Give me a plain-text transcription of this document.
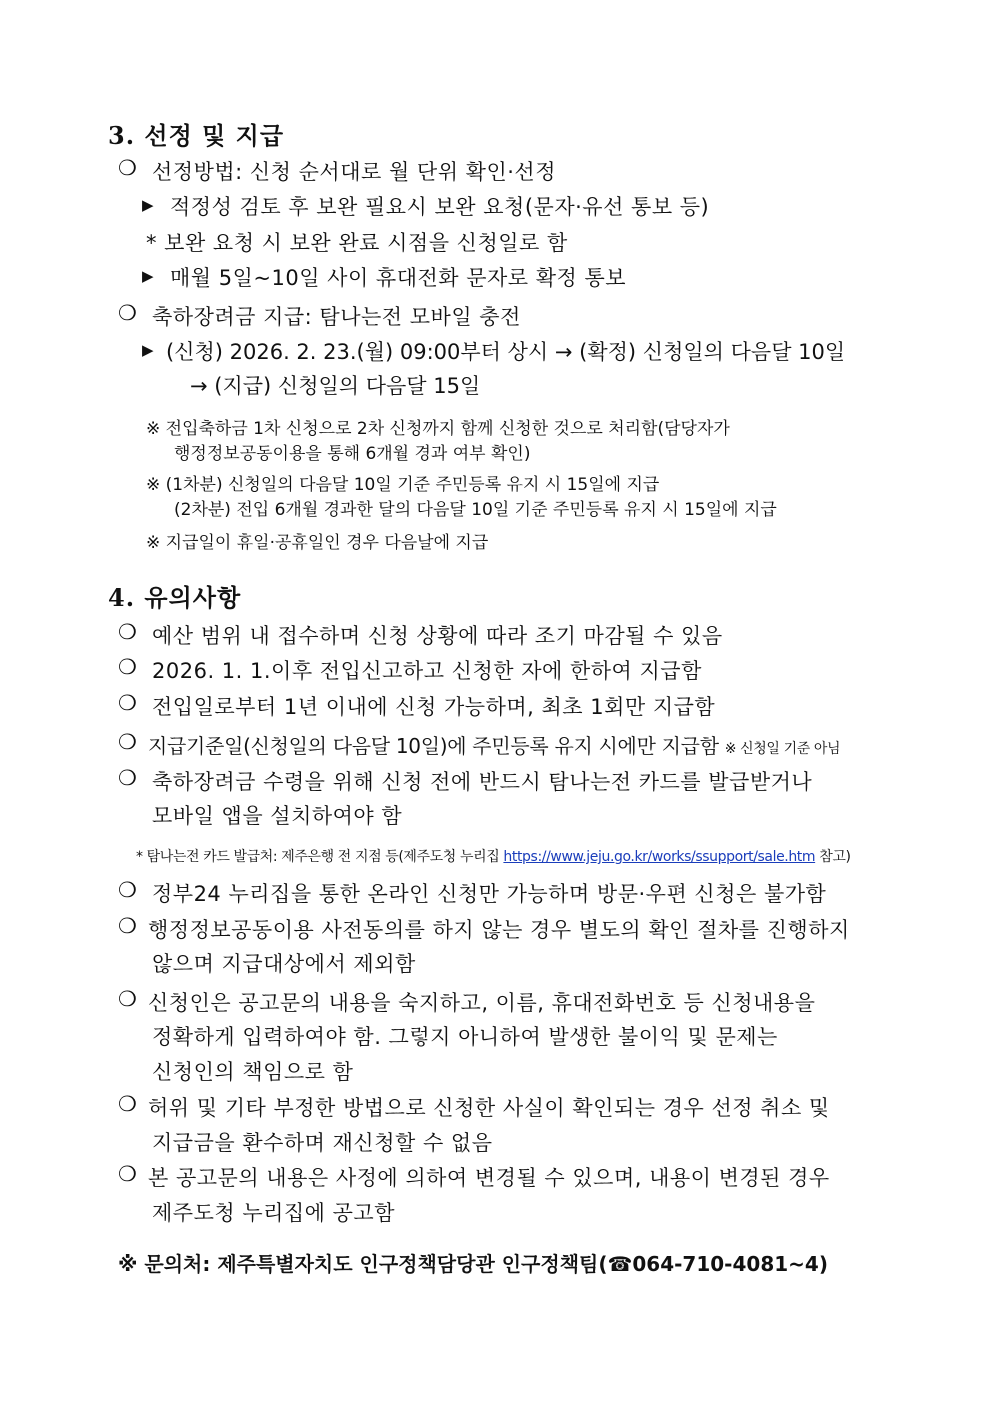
3. 선정 및 지급
❍ 선정방법: 신청 순서대로 월 단위 확인·선정
▶ 적정성 검토 후 보완 필요시 보완 요청(문자·유선 통보 등)
* 보완 요청 시 보완 완료 시점을 신청일로 함
▶ 매월 5일~10일 사이 휴대전화 문자로 확정 통보
❍ 축하장려금 지급: 탐나는전 모바일 충전
▶ (신청) 2026. 2. 23.(월) 09:00부터 상시 → (확정) 신청일의 다음달 10일
→ (지급) 신청일의 다음달 15일
※ 전입축하금 1차 신청으로 2차 신청까지 함께 신청한 것으로 처리함(담당자가
행정정보공동이용을 통해 6개월 경과 여부 확인)
※ (1차분) 신청일의 다음달 10일 기준 주민등록 유지 시 15일에 지급
(2차분) 전입 6개월 경과한 달의 다음달 10일 기준 주민등록 유지 시 15일에 지급
※ 지급일이 휴일·공휴일인 경우 다음날에 지급
4. 유의사항
❍ 예산 범위 내 접수하며 신청 상황에 따라 조기 마감될 수 있음
❍ 2026. 1. 1.이후 전입신고하고 신청한 자에 한하여 지급함
❍ 전입일로부터 1년 이내에 신청 가능하며, 최초 1회만 지급함
❍ 지급기준일(신청일의 다음달 10일)에 주민등록 유지 시에만 지급함 ※ 신청일 기준 아님
❍ 축하장려금 수령을 위해 신청 전에 반드시 탐나는전 카드를 발급받거나
모바일 앱을 설치하여야 함
* 탐나는전 카드 발급처: 제주은행 전 지점 등(제주도청 누리집 https://www.jeju.go.kr/works/ssupport/sale.htm 참고)
❍ 정부24 누리집을 통한 온라인 신청만 가능하며 방문·우편 신청은 불가함
❍ 행정정보공동이용 사전동의를 하지 않는 경우 별도의 확인 절차를 진행하지
않으며 지급대상에서 제외함
❍ 신청인은 공고문의 내용을 숙지하고, 이름, 휴대전화번호 등 신청내용을
정확하게 입력하여야 함. 그렇지 아니하여 발생한 불이익 및 문제는
신청인의 책임으로 함
❍ 허위 및 기타 부정한 방법으로 신청한 사실이 확인되는 경우 선정 취소 및
지급금을 환수하며 재신청할 수 없음
❍ 본 공고문의 내용은 사정에 의하여 변경될 수 있으며, 내용이 변경된 경우
제주도청 누리집에 공고함
※ 문의처: 제주특별자치도 인구정책담당관 인구정책팀(☎064-710-4081~4)
